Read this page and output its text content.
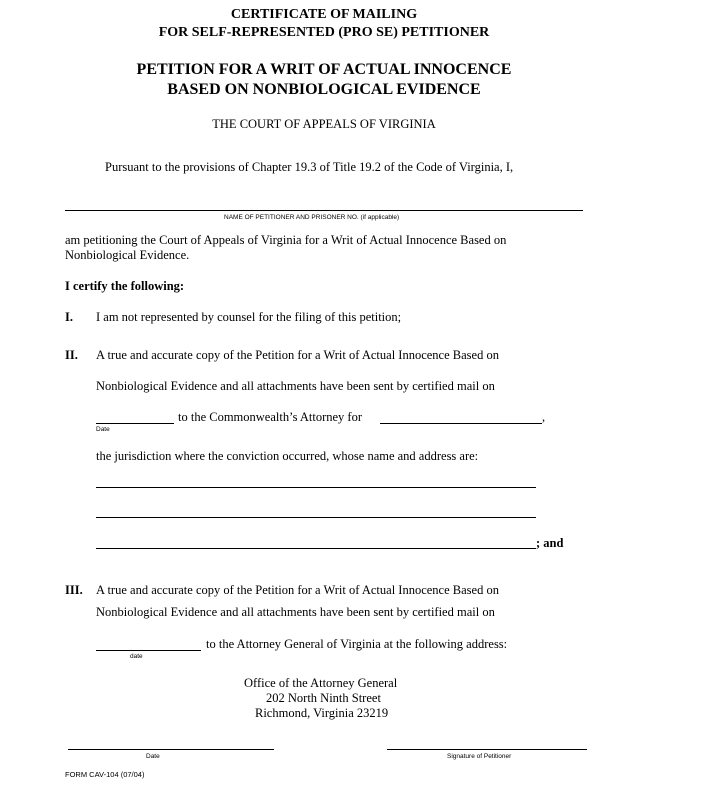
CERTIFICATE OF MAILING
FOR SELF-REPRESENTED (PRO SE) PETITIONER
PETITION FOR A WRIT OF ACTUAL INNOCENCE
BASED ON NONBIOLOGICAL EVIDENCE
THE COURT OF APPEALS OF VIRGINIA
Pursuant to the provisions of Chapter 19.3 of Title 19.2 of the Code of Virginia, I,
NAME OF PETITIONER AND PRISONER NO. (if applicable)
am petitioning the Court of Appeals of Virginia for a Writ of Actual Innocence Based on
Nonbiological Evidence.
I certify the following:
I. I am not represented by counsel for the filing of this petition;
II. A true and accurate copy of the Petition for a Writ of Actual Innocence Based on
Nonbiological Evidence and all attachments have been sent by certified mail on
to the Commonwealth’s Attorney for	,
Date
the jurisdiction where the conviction occurred, whose name and address are:
; and
III. A true and accurate copy of the Petition for a Writ of Actual Innocence Based on
Nonbiological Evidence and all attachments have been sent by certified mail on
to the Attorney General of Virginia at the following address:
date
Office of the Attorney General
202 North Ninth Street
Richmond, Virginia 23219
Date	Signature of Petitioner
FORM CAV-104 (07/04)
